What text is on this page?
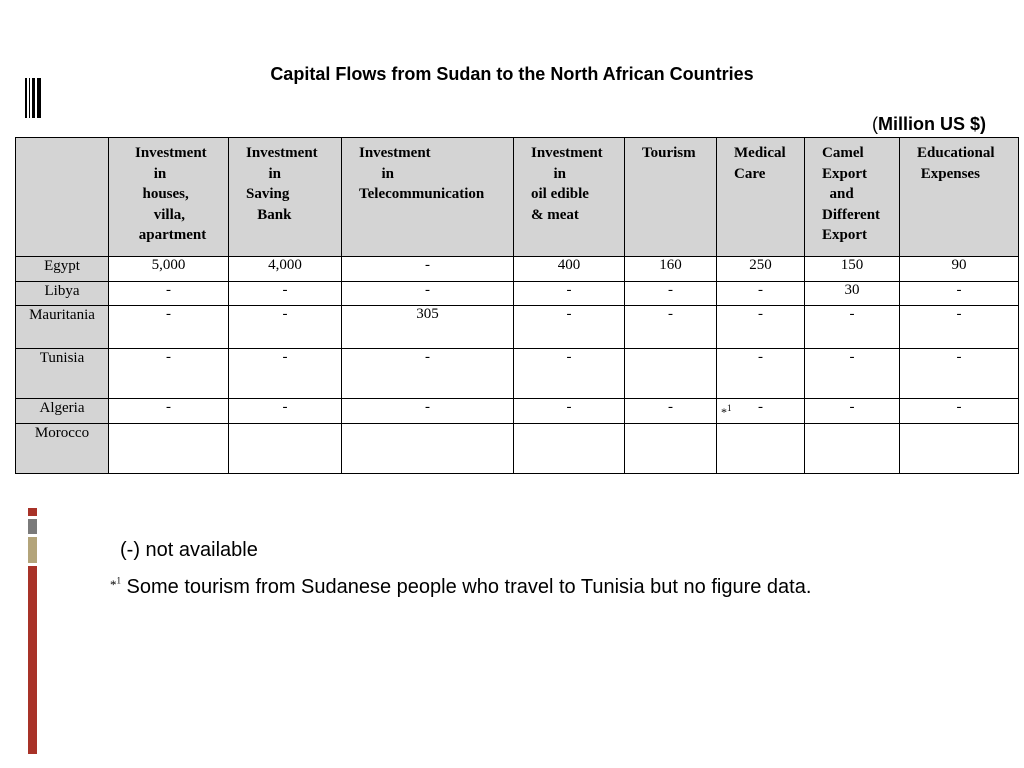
Capital Flows from Sudan to the North African Countries
(Million US $)

	Investment
in
houses,
villa,
apartment	Investment
in
Saving
Bank	Investment
in
Telecommunication	Investment
in
oil edible
& meat	Tourism	Medical
Care	Camel
Export
and
Different
Export	Educational
Expenses

Egypt	5,000	4,000	-	400	160	250	150	90
Libya	-	-	-	-	-	-	30	-
Mauritania	-	-	305	-	-	-	-	-
Tunisia	-	-	-	-		-	-	-
Algeria	-	-	-	-	-	*$^1$ -	-	-
Morocco								
(-) not available
$^{*^1}$ Some tourism from Sudanese people who travel to Tunisia but no figure data.
